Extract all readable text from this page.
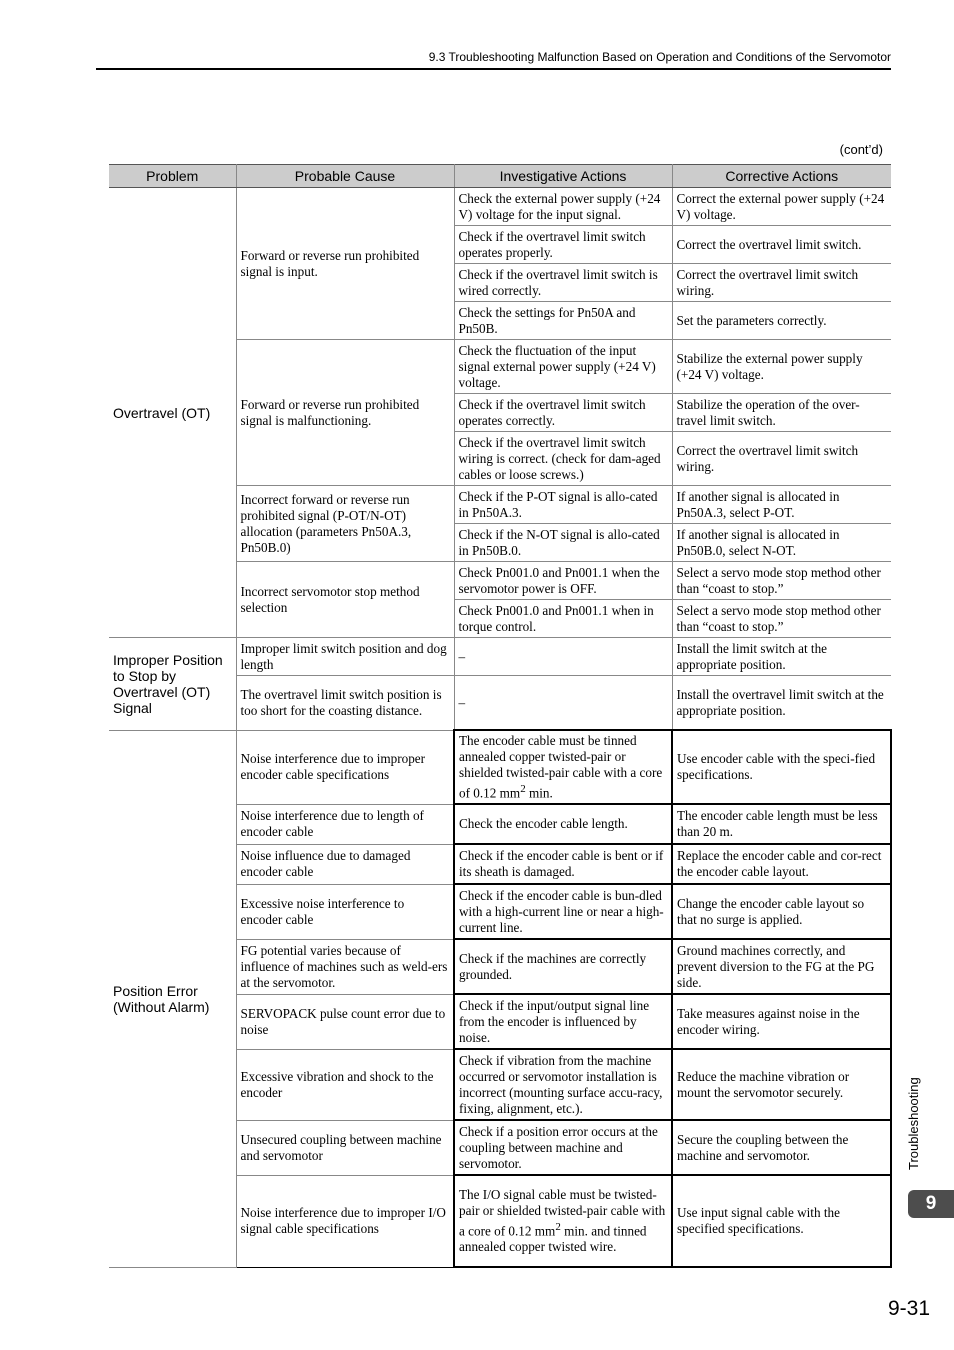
9.3 Troubleshooting Malfunction Based on Operation and Conditions of the Servomotor
(cont’d)
Problem	Probable Cause	Investigative Actions	Corrective Actions
Overtravel (OT)	Forward or reverse run prohibited signal is input.	Check the external power supply (+24 V) voltage for the input signal.	Correct the external power supply (+24 V) voltage.
		Check if the overtravel limit switch operates properly.	Correct the overtravel limit switch.
		Check if the overtravel limit switch is wired correctly.	Correct the overtravel limit switch wiring.
		Check the settings for Pn50A and Pn50B.	Set the parameters correctly.
	Forward or reverse run prohibited signal is malfunctioning.	Check the fluctuation of the input signal external power supply (+24 V) voltage.	Stabilize the external power supply (+24 V) voltage.
		Check if the overtravel limit switch operates correctly.	Stabilize the operation of the over-travel limit switch.
		Check if the overtravel limit switch wiring is correct. (check for dam-aged cables or loose screws.)	Correct the overtravel limit switch wiring.
	Incorrect forward or reverse run prohibited signal (P-OT/N-OT) allocation (parameters Pn50A.3, Pn50B.0)	Check if the P-OT signal is allo-cated in Pn50A.3.	If another signal is allocated in Pn50A.3, select P-OT.
		Check if the N-OT signal is allo-cated in Pn50B.0.	If another signal is allocated in Pn50B.0, select N-OT.
	Incorrect servomotor stop method selection	Check Pn001.0 and Pn001.1 when the servomotor power is OFF.	Select a servo mode stop method other than “coast to stop.”
		Check Pn001.0 and Pn001.1 when in torque control.	Select a servo mode stop method other than “coast to stop.”
Improper Position to Stop by Overtravel (OT) Signal	Improper limit switch position and dog length	–	Install the limit switch at the appropriate position.
	The overtravel limit switch position is too short for the coasting distance.	–	Install the overtravel limit switch at the appropriate position.
Position Error (Without Alarm)	Noise interference due to improper encoder cable specifications	The encoder cable must be tinned annealed copper twisted-pair or shielded twisted-pair cable with a core of 0.12 $mm^2$ min.	Use encoder cable with the speci-fied specifications.
	Noise interference due to length of encoder cable	Check the encoder cable length.	The encoder cable length must be less than 20 m.
	Noise influence due to damaged encoder cable	Check if the encoder cable is bent or if its sheath is damaged.	Replace the encoder cable and cor-rect the encoder cable layout.
	Excessive noise interference to encoder cable	Check if the encoder cable is bun-dled with a high-current line or near a high-current line.	Change the encoder cable layout so that no surge is applied.
	FG potential varies because of influence of machines such as weld-ers at the servomotor.	Check if the machines are correctly grounded.	Ground machines correctly, and prevent diversion to the FG at the PG side.
	SERVOPACK pulse count error due to noise	Check if the input/output signal line from the encoder is influenced by noise.	Take measures against noise in the encoder wiring.
	Excessive vibration and shock to the encoder	Check if vibration from the machine occurred or servomotor installation is incorrect (mounting surface accu-racy, fixing, alignment, etc.).	Reduce the machine vibration or mount the servomotor securely.
	Unsecured coupling between machine and servomotor	Check if a position error occurs at the coupling between machine and servomotor.	Secure the coupling between the machine and servomotor.
	Noise interference due to improper I/O signal cable specifications	The I/O signal cable must be twisted-pair or shielded twisted-pair cable with a core of 0.12 $mm^2$ min. and tinned annealed copper twisted wire.	Use input signal cable with the specified specifications.
Troubleshooting
9
9-31
